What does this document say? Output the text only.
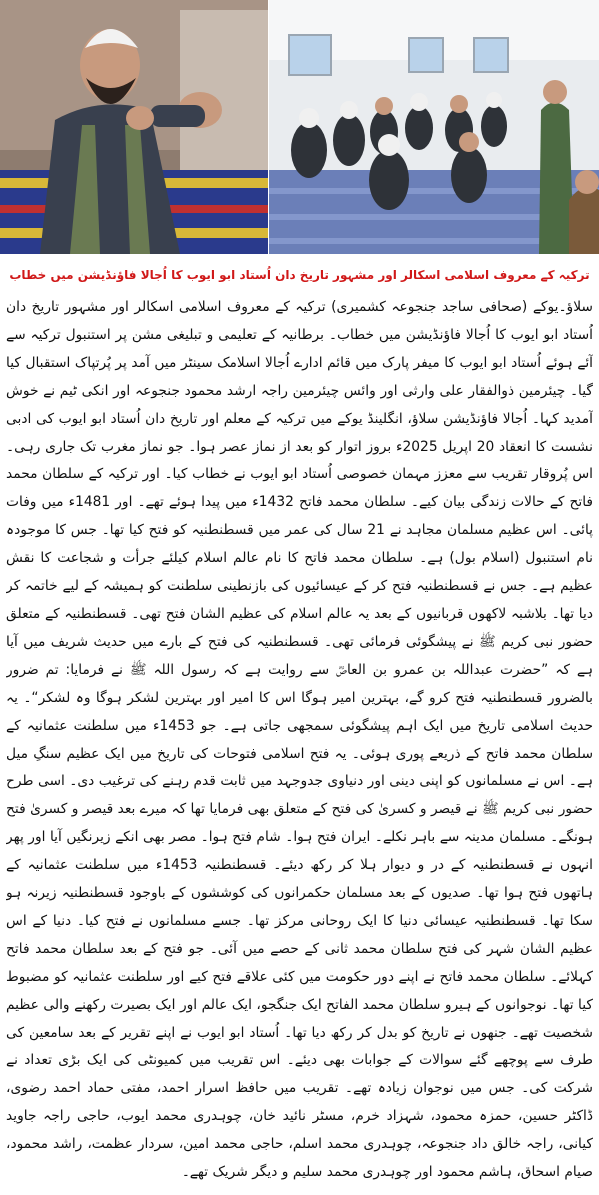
ترکیہ کے معروف اسلامی اسکالر اور مشہور تاریخ دان اُستاد ابو ایوب کا اُجالا فاؤنڈیشن میں خطاب

سلاؤ۔یوکے (صحافی ساجد جنجوعہ کشمیری) ترکیہ کے معروف اسلامی اسکالر اور مشہور تاریخ دان اُستاد ابو ایوب کا اُجالا فاؤنڈیشن میں خطاب۔ برطانیہ کے تعلیمی و تبلیغی مشن پر استنبول ترکیہ سے آئے ہوئے اُستاد ابو ایوب کا میفر پارک میں قائم ادارے اُجالا اسلامک سینٹر میں آمد پر پُرتپاک استقبال کیا گیا۔ چیئرمین ذوالفقار علی وارثی اور وائس چیئرمین راجہ ارشد محمود جنجوعہ اور انکی ٹیم نے خوش آمدید کہا۔ اُجالا فاؤنڈیشن سلاؤ، انگلینڈ یوکے میں ترکیہ کے معلم اور تاریخ دان اُستاد ابو ایوب کی ادبی نشست کا انعقاد 20 اپریل 2025ء بروز اتوار کو بعد از نماز عصر ہوا۔ جو نماز مغرب تک جاری رہی۔ اس پُروقار تقریب سے معزز مہمان خصوصی اُستاد ابو ایوب نے خطاب کیا۔ اور ترکیہ کے سلطان محمد فاتح کے حالات زندگی بیان کیے۔ سلطان محمد فاتح 1432ء میں پیدا ہوئے تھے۔ اور 1481ء میں وفات پائی۔ اس عظیم مسلمان مجاہد نے 21 سال کی عمر میں قسطنطنیہ کو فتح کیا تھا۔ جس کا موجودہ نام استنبول (اسلام بول) ہے۔ سلطان محمد فاتح کا نام عالم اسلام کیلئے جرأت و شجاعت کا نقش عظیم ہے۔ جس نے قسطنطنیہ فتح کر کے عیسائیوں کی بازنطینی سلطنت کو ہمیشہ کے لیے خاتمہ کر دیا تھا۔ بلاشبہ لاکھوں قربانیوں کے بعد یہ عالم اسلام کی عظیم الشان فتح تھی۔ قسطنطنیہ کے متعلق حضور نبی کریم ﷺ نے پیشگوئی فرمائی تھی۔ قسطنطنیہ کی فتح کے بارے میں حدیث شریف میں آیا ہے کہ ”حضرت عبداللہ بن عمرو بن العاصؓ سے روایت ہے کہ رسول اللہ ﷺ نے فرمایا: تم ضرور بالضرور قسطنطنیہ فتح کرو گے، بہترین امیر ہوگا اس کا امیر اور بہترین لشکر ہوگا وہ لشکر“۔ یہ حدیث اسلامی تاریخ میں ایک اہم پیشگوئی سمجھی جاتی ہے۔ جو 1453ء میں سلطنت عثمانیہ کے سلطان محمد فاتح کے ذریعے پوری ہوئی۔ یہ فتح اسلامی فتوحات کی تاریخ میں ایک عظیم سنگِ میل ہے۔ اس نے مسلمانوں کو اپنی دینی اور دنیاوی جدوجہد میں ثابت قدم رہنے کی ترغیب دی۔ اسی طرح حضور نبی کریم ﷺ نے قیصر و کسریٰ کی فتح کے متعلق بھی فرمایا تھا کہ میرے بعد قیصر و کسریٰ فتح ہونگے۔ مسلمان مدینہ سے باہر نکلے۔ ایران فتح ہوا۔ شام فتح ہوا۔ مصر بھی انکے زیرنگیں آیا اور پھر انہوں نے قسطنطنیہ کے در و دیوار ہلا کر رکھ دیئے۔ قسطنطنیہ 1453ء میں سلطنت عثمانیہ کے ہاتھوں فتح ہوا تھا۔ صدیوں کے بعد مسلمان حکمرانوں کی کوششوں کے باوجود قسطنطنیہ زیرنہ ہو سکا تھا۔ قسطنطنیہ عیسائی دنیا کا ایک روحانی مرکز تھا۔ جسے مسلمانوں نے فتح کیا۔ دنیا کے اس عظیم الشان شہر کی فتح سلطان محمد ثانی کے حصے میں آئی۔ جو فتح کے بعد سلطان محمد فاتح کہلائے۔ سلطان محمد فاتح نے اپنے دور حکومت میں کئی علاقے فتح کیے اور سلطنت عثمانیہ کو مضبوط کیا تھا۔ نوجوانوں کے ہیرو سلطان محمد الفاتح ایک جنگجو، ایک عالم اور ایک بصیرت رکھنے والی عظیم شخصیت تھے۔ جنھوں نے تاریخ کو بدل کر رکھ دیا تھا۔ اُستاد ابو ایوب نے اپنے تقریر کے بعد سامعین کی طرف سے پوچھے گئے سوالات کے جوابات بھی دیئے۔ اس تقریب میں کمیونٹی کی ایک بڑی تعداد نے شرکت کی۔ جس میں نوجوان زیادہ تھے۔ تقریب میں حافظ اسرار احمد، مفتی حماد احمد رضوی، ڈاکٹر حسین، حمزہ محمود، شہزاد خرم، مسٹر نائید خان، چوہدری محمد ایوب، حاجی راجہ جاوید کیانی، راجہ خالق داد جنجوعہ، چوہدری محمد اسلم، حاجی محمد امین، سردار عظمت، راشد محمود، صیام اسحاق، ہاشم محمود اور چوہدری محمد سلیم و دیگر شریک تھے۔
